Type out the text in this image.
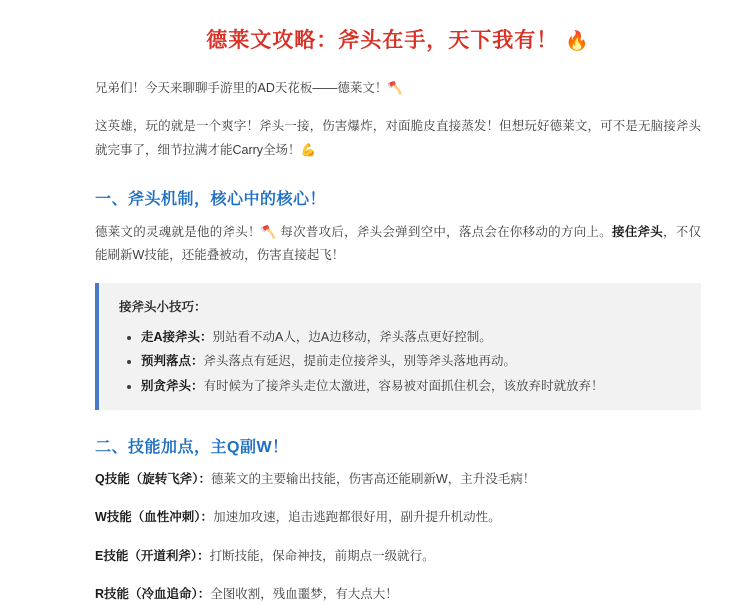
德莱文攻略：斧头在手，天下我有！ 🔥

兄弟们！今天来聊聊手游里的AD天花板——德莱文！🪓

这英雄，玩的就是一个爽字！斧头一接，伤害爆炸，对面脆皮直接蒸发！但想玩好德莱文，可不是无脑接斧头就完事了，细节拉满才能Carry全场！💪

一、斧头机制，核心中的核心！

德莱文的灵魂就是他的斧头！🪓 每次普攻后，斧头会弹到空中，落点会在你移动的方向上。接住斧头，不仅能刷新W技能，还能叠被动，伤害直接起飞！

接斧头小技巧：
• 走A接斧头：别站看不动A人，边A边移动，斧头落点更好控制。
• 预判落点：斧头落点有延迟，提前走位接斧头，别等斧头落地再动。
• 别贪斧头：有时候为了接斧头走位太激进，容易被对面抓住机会，该放弃时就放弃！
二、技能加点，主Q副W！

Q技能（旋转飞斧）：德莱文的主要输出技能，伤害高还能刷新W，主升没毛病！

W技能（血性冲刺）：加速加攻速，追击逃跑都很好用，副升提升机动性。

E技能（开道利斧）：打断技能，保命神技，前期点一级就行。

R技能（冷血追命）：全图收割，残血噩梦，有大点大！
